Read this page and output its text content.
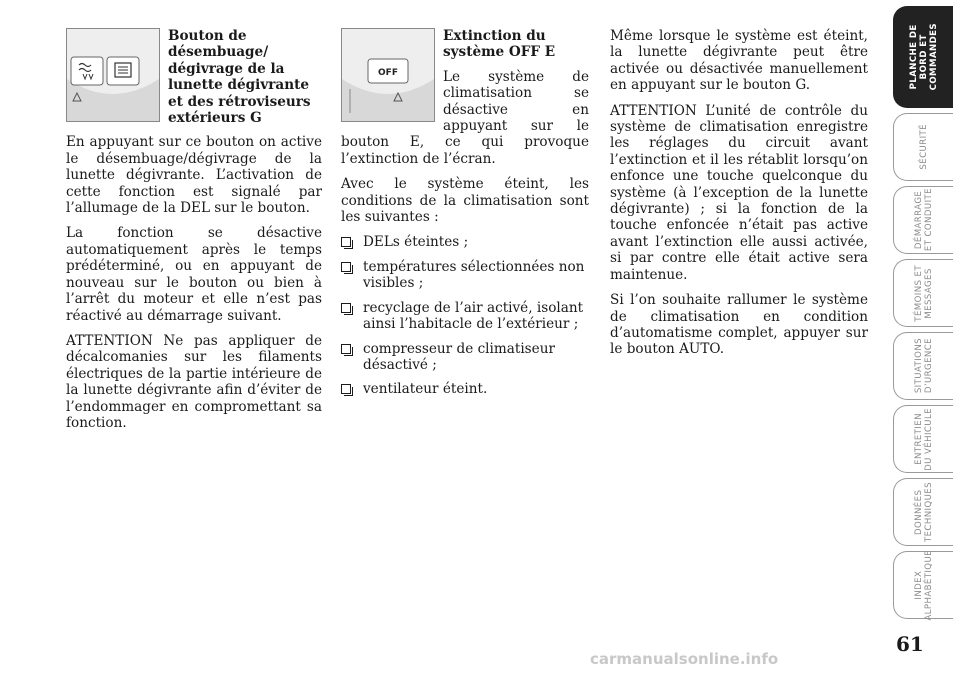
Bouton de désembuage/ dégivrage de la lunette dégivrante et des rétroviseurs extérieurs G

En appuyant sur ce bouton on active le désembuage/dégivrage de la lunette dégivrante. L’activation de cette fonction est signalé par l’allumage de la DEL sur le bouton.

La fonction se désactive automatiquement après le temps prédéterminé, ou en appuyant de nouveau sur le bouton ou bien à l’arrêt du moteur et elle n’est pas réactivé au démarrage suivant.

ATTENTION Ne pas appliquer de décalcomanies sur les filaments électriques de la partie intérieure de la lunette dégivrante afin d’éviter de l’endommager en compromettant sa fonction.

OFF
Extinction du système OFF E

Le système de climatisation se désactive en appuyant sur le bouton E, ce qui provoque l’extinction de l’écran.

Avec le système éteint, les conditions de la climatisation sont les suivantes :

DELs éteintes ;
températures sélectionnées non visibles ;
recyclage de l’air activé, isolant ainsi l’habitacle de l’extérieur ;
compresseur de climatiseur désactivé ;
ventilateur éteint.

Même lorsque le système est éteint, la lunette dégivrante peut être activée ou désactivée manuellement en appuyant sur le bouton G.

ATTENTION L’unité de contrôle du système de climatisation enregistre les réglages du circuit avant l’extinction et il les rétablit lorsqu’on enfonce une touche quelconque du système (à l’exception de la lunette dégivrante) ; si la fonction de la touche enfoncée n’était pas active avant l’extinction elle aussi activée, si par contre elle était active sera maintenue.

Si l’on souhaite rallumer le système de climatisation en condition d’automatisme complet, appuyer sur le bouton AUTO.

PLANCHE DE
BORD ET
COMMANDES
SÉCURITÉ
DÉMARRAGE
ET CONDUITE
TÉMOINS ET
MESSAGES
SITUATIONS
D’URGENCE
ENTRETIEN
DU VÉHICULE
DONNÉES
TECHNIQUES
INDEX
ALPHABÉTIQUE
61
carmanualsonline.info
